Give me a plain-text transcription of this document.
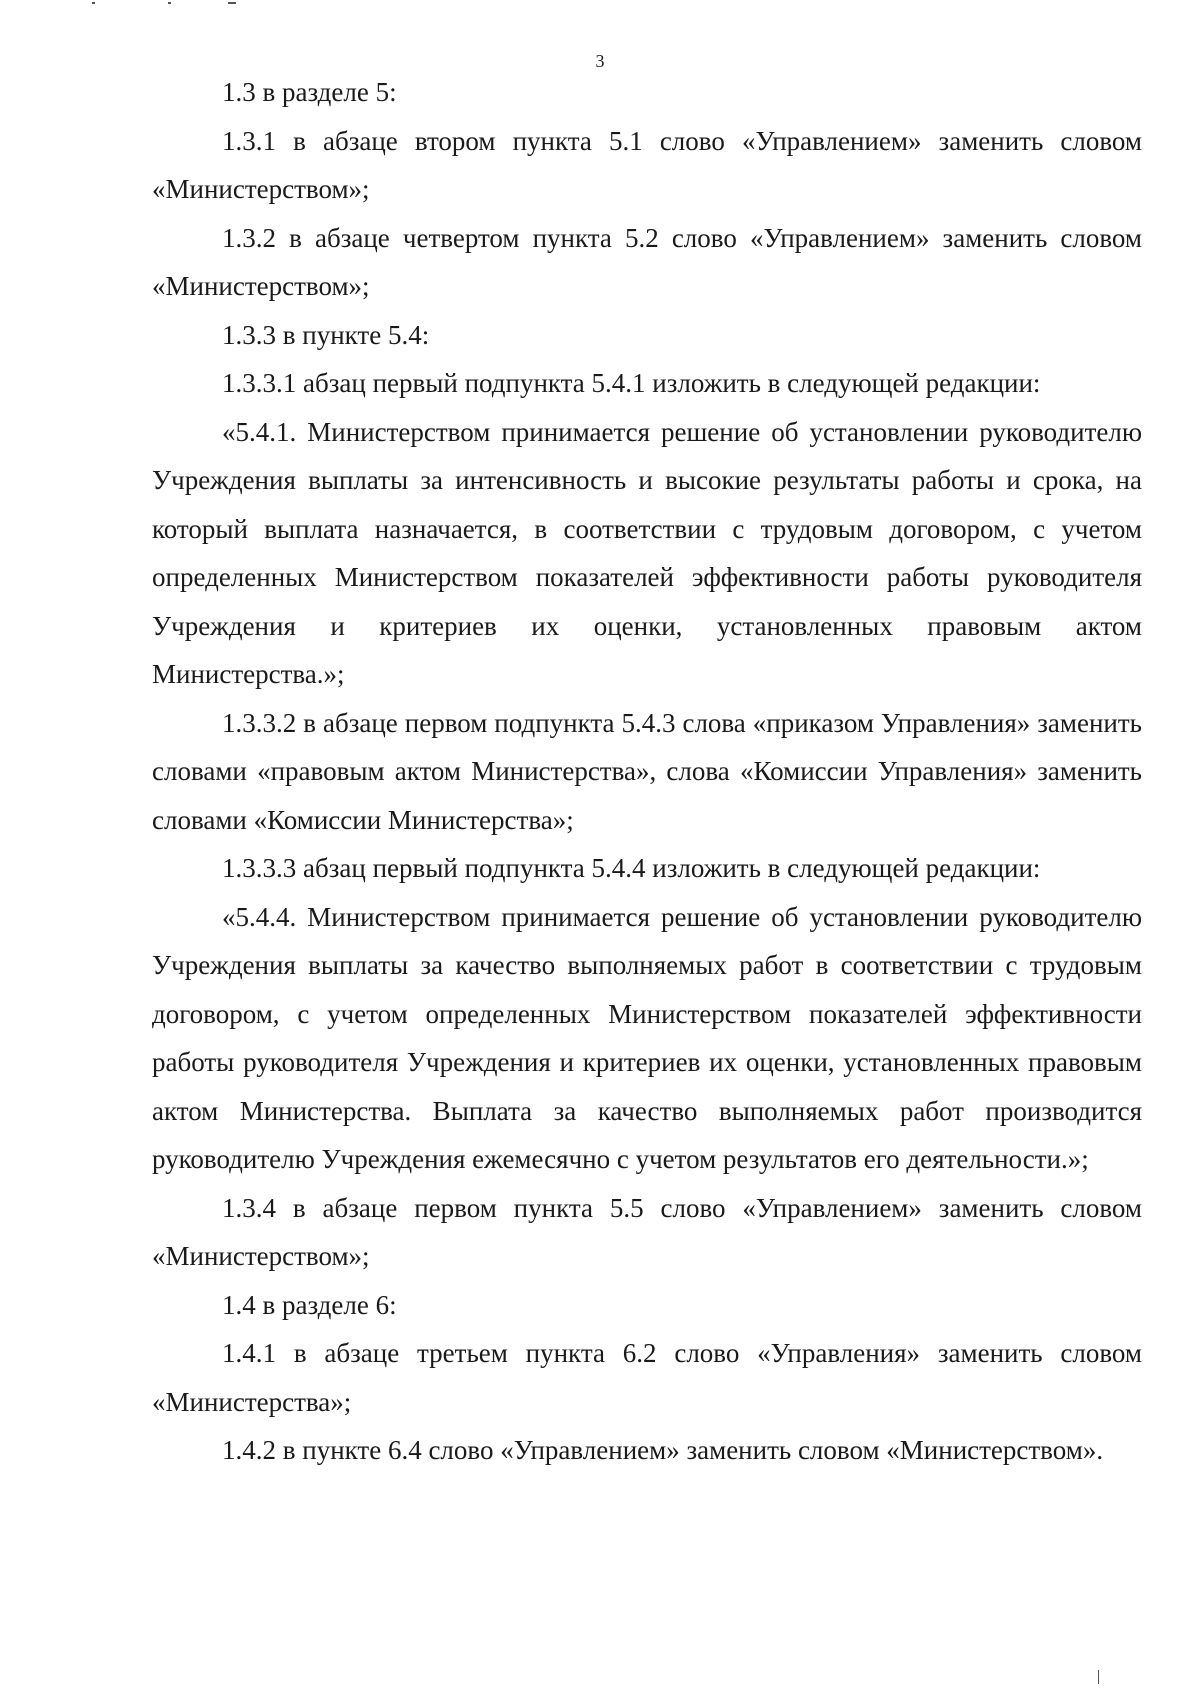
3

1.3 в разделе 5:

1.3.1 в абзаце втором пункта 5.1 слово «Управлением» заменить словом «Министерством»;

1.3.2 в абзаце четвертом пункта 5.2 слово «Управлением» заменить словом «Министерством»;

1.3.3 в пункте 5.4:

1.3.3.1 абзац первый подпункта 5.4.1 изложить в следующей редакции:

«5.4.1. Министерством принимается решение об установлении руководителю Учреждения выплаты за интенсивность и высокие результаты работы и срока, на который выплата назначается, в соответствии с трудовым договором, с учетом определенных Министерством показателей эффективности работы руководителя Учреждения и критериев их оценки, установленных правовым актом Министерства.»;

1.3.3.2 в абзаце первом подпункта 5.4.3 слова «приказом Управления» заменить словами «правовым актом Министерства», слова «Комиссии Управления» заменить словами «Комиссии Министерства»;

1.3.3.3 абзац первый подпункта 5.4.4 изложить в следующей редакции:

«5.4.4. Министерством принимается решение об установлении руководителю Учреждения выплаты за качество выполняемых работ в соответствии с трудовым договором, с учетом определенных Министерством показателей эффективности работы руководителя Учреждения и критериев их оценки, установленных правовым актом Министерства. Выплата за качество выполняемых работ производится руководителю Учреждения ежемесячно с учетом результатов его деятельности.»;

1.3.4 в абзаце первом пункта 5.5 слово «Управлением» заменить словом «Министерством»;

1.4 в разделе 6:

1.4.1 в абзаце третьем пункта 6.2 слово «Управления» заменить словом «Министерства»;

1.4.2 в пункте 6.4 слово «Управлением» заменить словом «Министерством».
